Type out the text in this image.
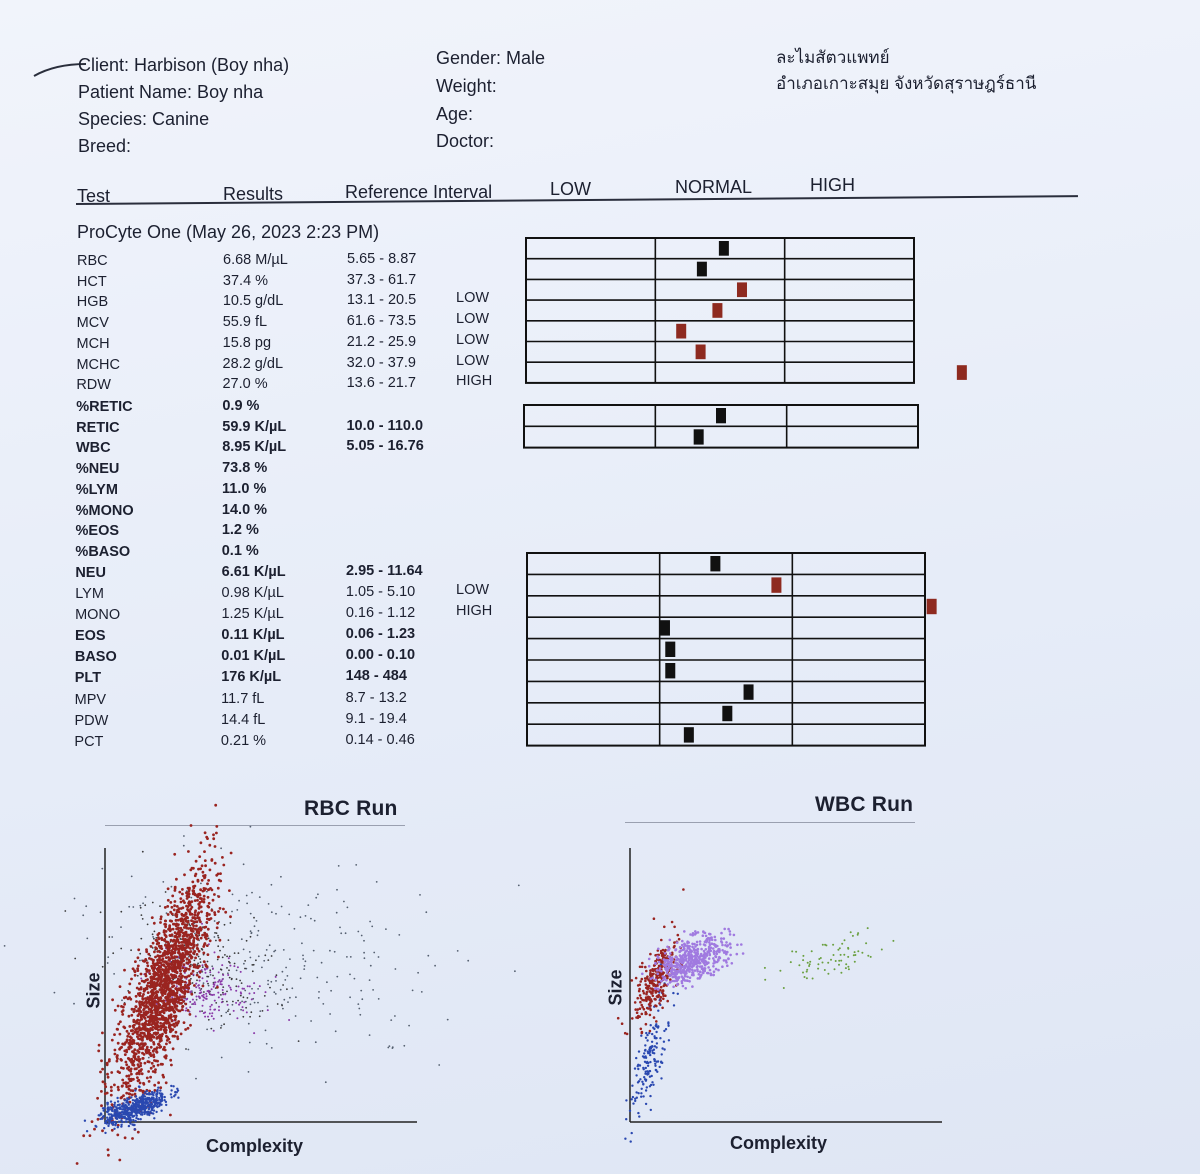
Client: Harbison (Boy nha)
Patient Name: Boy nha
Species: Canine
Breed:
Gender: Male
Weight:
Age:
Doctor:
ละไมสัตวแพทย์
อำเภอเกาะสมุย จังหวัดสุราษฎร์ธานี
Test	Results	Reference Interval	LOW	NORMAL	HIGH
ProCyte One (May 26, 2023 2:23 PM)
RBC	6.68 M/µL	5.65 - 8.87
HCT	37.4 %	37.3 - 61.7
HGB	10.5 g/dL	13.1 - 20.5	LOW
MCV	55.9 fL	61.6 - 73.5	LOW
MCH	15.8 pg	21.2 - 25.9	LOW
MCHC	28.2 g/dL	32.0 - 37.9	LOW
RDW	27.0 %	13.6 - 21.7	HIGH
%RETIC	0.9 %
RETIC	59.9 K/µL	10.0 - 110.0
WBC	8.95 K/µL	5.05 - 16.76
%NEU	73.8 %
%LYM	11.0 %
%MONO	14.0 %
%EOS	1.2 %
%BASO	0.1 %
NEU	6.61 K/µL	2.95 - 11.64
LYM	0.98 K/µL	1.05 - 5.10	LOW
MONO	1.25 K/µL	0.16 - 1.12	HIGH
EOS	0.11 K/µL	0.06 - 1.23
BASO	0.01 K/µL	0.00 - 0.10
PLT	176 K/µL	148 - 484
MPV	11.7 fL	8.7 - 13.2
PDW	14.4 fL	9.1 - 19.4
PCT	0.21 %	0.14 - 0.46
RBC Run
Complexity
Size
WBC Run
Complexity
Size
